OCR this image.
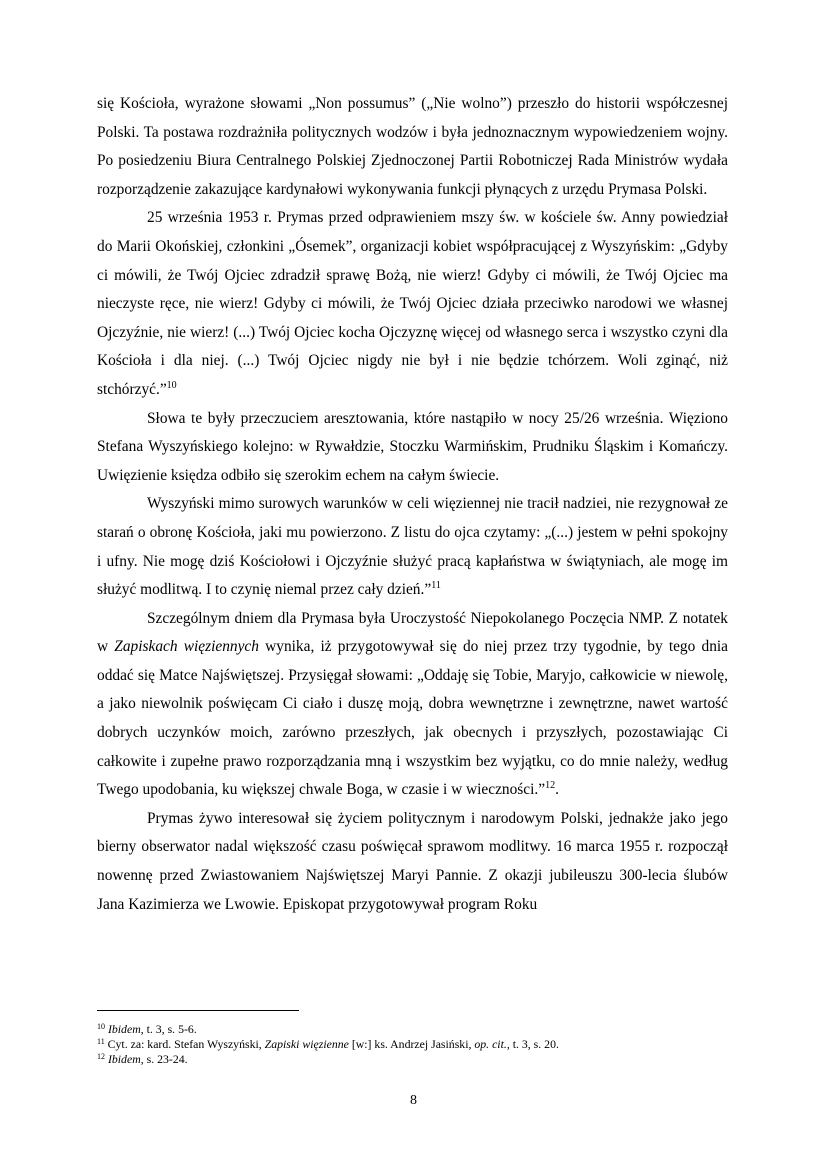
się Kościoła, wyrażone słowami „Non possumus” („Nie wolno”) przeszło do historii współczesnej Polski. Ta postawa rozdrażniła politycznych wodzów i była jednoznacznym wypowiedzeniem wojny. Po posiedzeniu Biura Centralnego Polskiej Zjednoczonej Partii Robotniczej Rada Ministrów wydała rozporządzenie zakazujące kardynałowi wykonywania funkcji płynących z urzędu Prymasa Polski.

25 września 1953 r. Prymas przed odprawieniem mszy św. w kościele św. Anny powiedział do Marii Okońskiej, członkini „Ósemek”, organizacji kobiet współpracującej z Wyszyńskim: „Gdyby ci mówili, że Twój Ojciec zdradził sprawę Bożą, nie wierz! Gdyby ci mówili, że Twój Ojciec ma nieczyste ręce, nie wierz! Gdyby ci mówili, że Twój Ojciec działa przeciwko narodowi we własnej Ojczyźnie, nie wierz! (...) Twój Ojciec kocha Ojczyznę więcej od własnego serca i wszystko czyni dla Kościoła i dla niej. (...) Twój Ojciec nigdy nie był i nie będzie tchórzem. Woli zginąć, niż stchórzyć.”$^{10}$

Słowa te były przeczuciem aresztowania, które nastąpiło w nocy 25/26 września. Więziono Stefana Wyszyńskiego kolejno: w Rywałdzie, Stoczku Warmińskim, Prudniku Śląskim i Komańczy. Uwięzienie księdza odbiło się szerokim echem na całym świecie.

Wyszyński mimo surowych warunków w celi więziennej nie tracił nadziei, nie rezygnował ze starań o obronę Kościoła, jaki mu powierzono. Z listu do ojca czytamy: „(...) jestem w pełni spokojny i ufny. Nie mogę dziś Kościołowi i Ojczyźnie służyć pracą kapłaństwa w świątyniach, ale mogę im służyć modlitwą. I to czynię niemal przez cały dzień.”$^{11}$

Szczególnym dniem dla Prymasa była Uroczystość Niepokolanego Poczęcia NMP. Z notatek w Zapiskach więziennych wynika, iż przygotowywał się do niej przez trzy tygodnie, by tego dnia oddać się Matce Najświętszej. Przysięgał słowami: „Oddaję się Tobie, Maryjo, całkowicie w niewolę, a jako niewolnik poświęcam Ci ciało i duszę moją, dobra wewnętrzne i zewnętrzne, nawet wartość dobrych uczynków moich, zarówno przeszłych, jak obecnych i przyszłych, pozostawiając Ci całkowite i zupełne prawo rozporządzania mną i wszystkim bez wyjątku, co do mnie należy, według Twego upodobania, ku większej chwale Boga, w czasie i w wieczności.”$^{12}$.

Prymas żywo interesował się życiem politycznym i narodowym Polski, jednakże jako jego bierny obserwator nadal większość czasu poświęcał sprawom modlitwy. 16 marca 1955 r. rozpoczął nowennę przed Zwiastowaniem Najświętszej Maryi Pannie. Z okazji jubileuszu 300-lecia ślubów Jana Kazimierza we Lwowie. Episkopat przygotowywał program Roku

$^{10}$ Ibidem, t. 3, s. 5-6.
$^{11}$ Cyt. za: kard. Stefan Wyszyński, Zapiski więzienne [w:] ks. Andrzej Jasiński, op. cit., t. 3, s. 20.
$^{12}$ Ibidem, s. 23-24.
8
